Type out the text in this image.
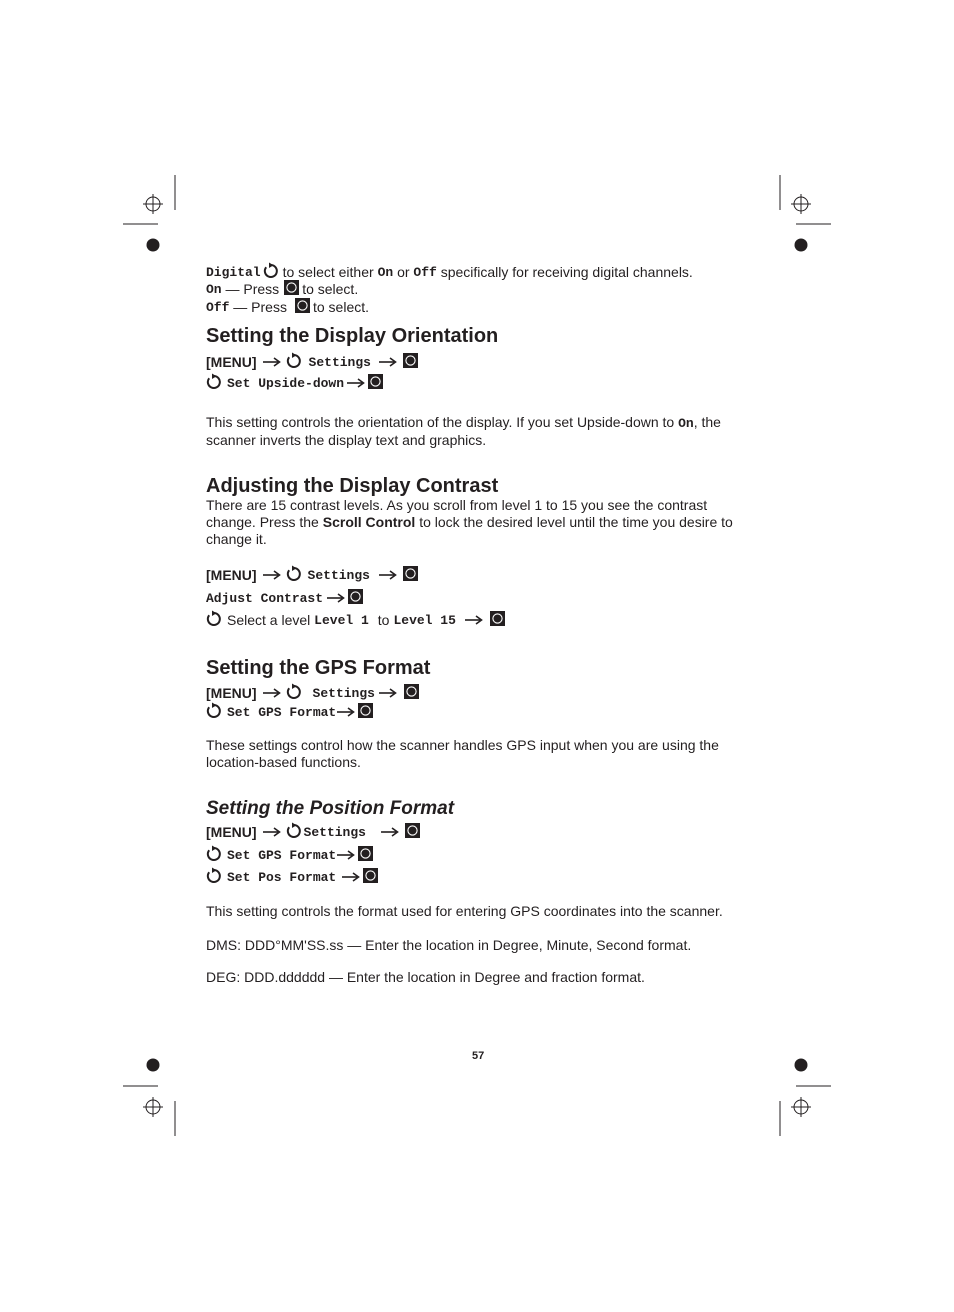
Digital to select either
On
or
Off
specifically for receiving digital channels.
On
— Press to select.
Off
— Press to select.
Setting the Display Orientation
[MENU]	Settings
Set Upside-down
This setting controls the orientation of the display. If you set Upside-down to On, the scanner inverts the display text and graphics.
Adjusting the Display Contrast
There are 15 contrast levels. As you scroll from level 1 to 15 you see the contrast change. Press the Scroll Control to lock the desired level until the time you desire to change it.
[MENU]	Settings
Adjust Contrast
Select a level
Level 1 to Level 15
Setting the GPS Format
[MENU]	Settings
Set GPS Format
These settings control how the scanner handles GPS input when you are using the location-based functions.
Setting the Position Format
[MENU]	Settings
Set GPS Format
Set Pos Format
This setting controls the format used for entering GPS coordinates into the scanner.
DMS: DDD°MM'SS.ss — Enter the location in Degree, Minute, Second format.
DEG: DDD.dddddd — Enter the location in Degree and fraction format.
57
